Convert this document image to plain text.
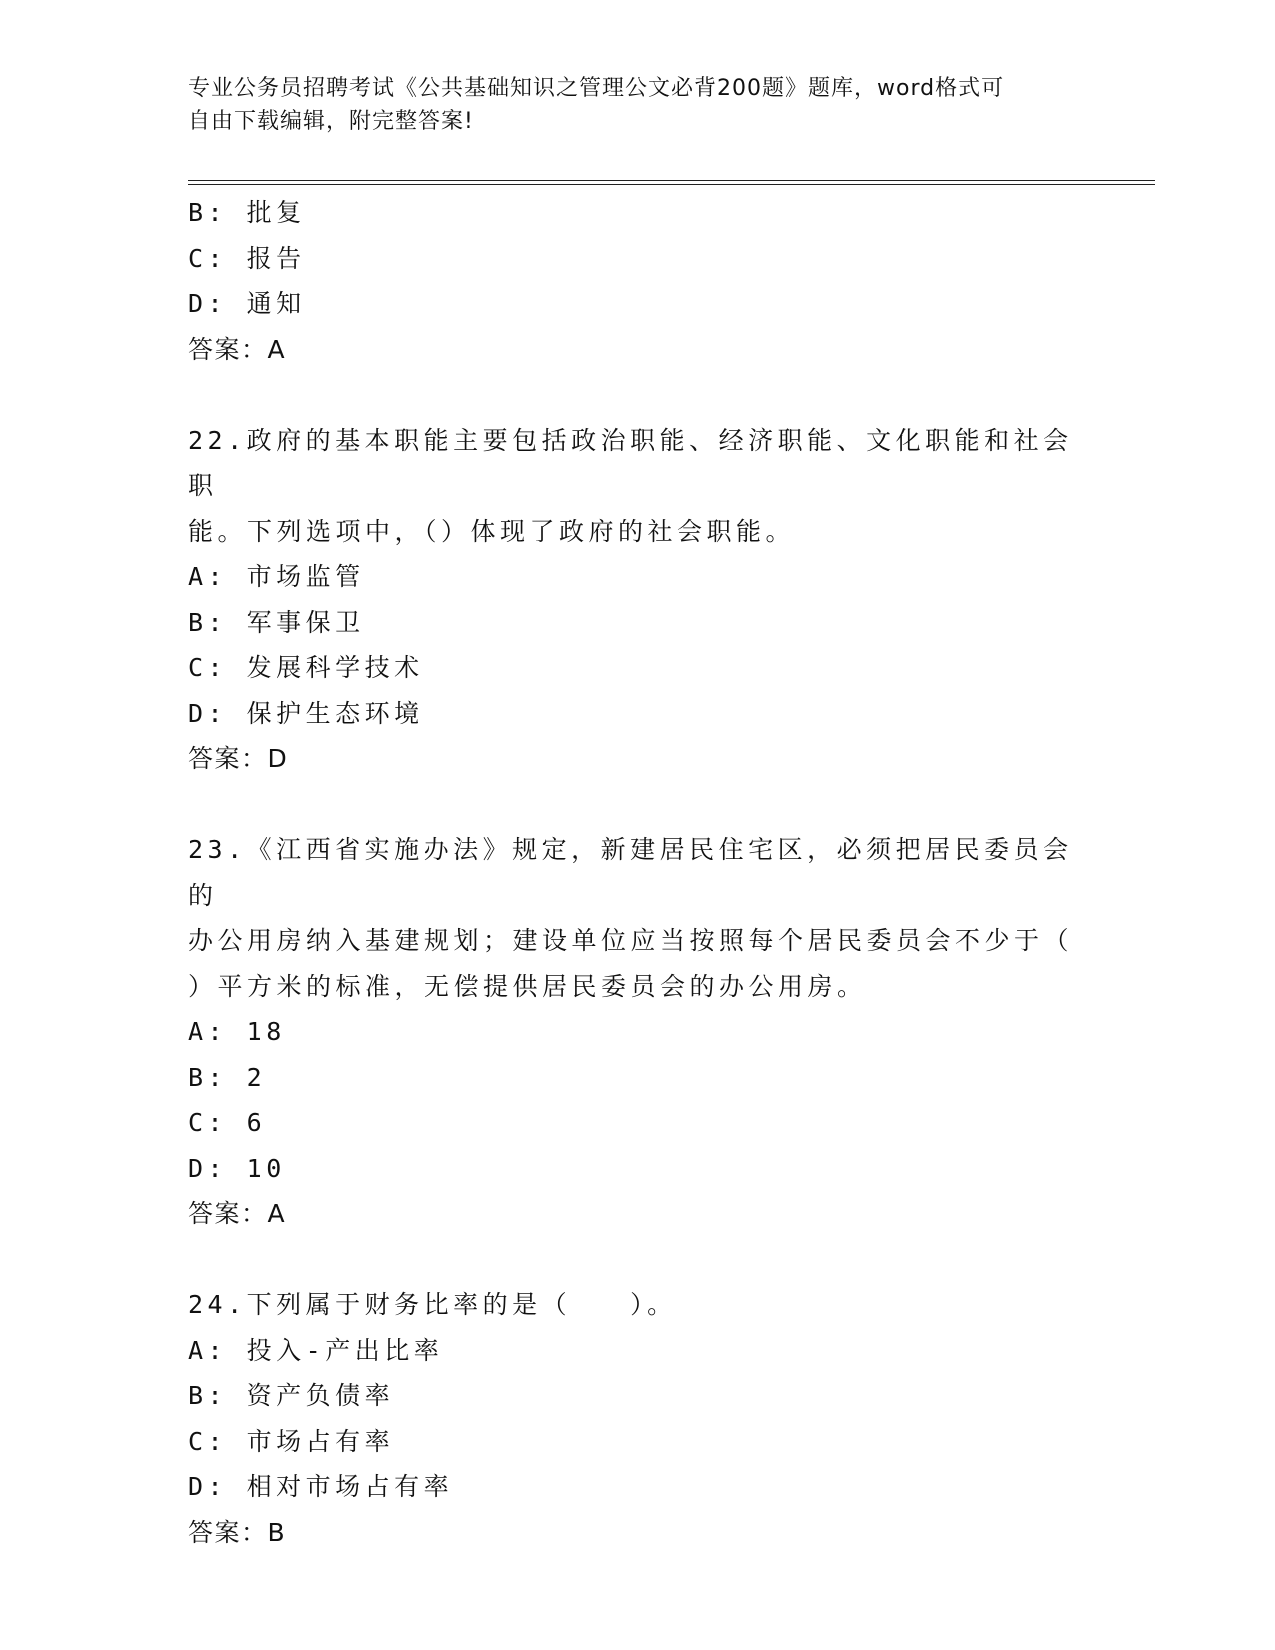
专业公务员招聘考试《公共基础知识之管理公文必背200题》题库，word格式可
自由下载编辑，附完整答案!

B: 批复

C: 报告

D: 通知

答案：A

22.政府的基本职能主要包括政治职能、经济职能、文化职能和社会职

能。下列选项中，（）体现了政府的社会职能。

A: 市场监管

B: 军事保卫

C: 发展科学技术

D: 保护生态环境

答案：D

23.《江西省实施办法》规定，新建居民住宅区，必须把居民委员会的

办公用房纳入基建规划；建设单位应当按照每个居民委员会不少于（

）平方米的标准，无偿提供居民委员会的办公用房。

A: 18

B: 2

C: 6

D: 10

答案：A

24.下列属于财务比率的是（　　）。

A: 投入-产出比率

B: 资产负债率

C: 市场占有率

D: 相对市场占有率

答案：B
